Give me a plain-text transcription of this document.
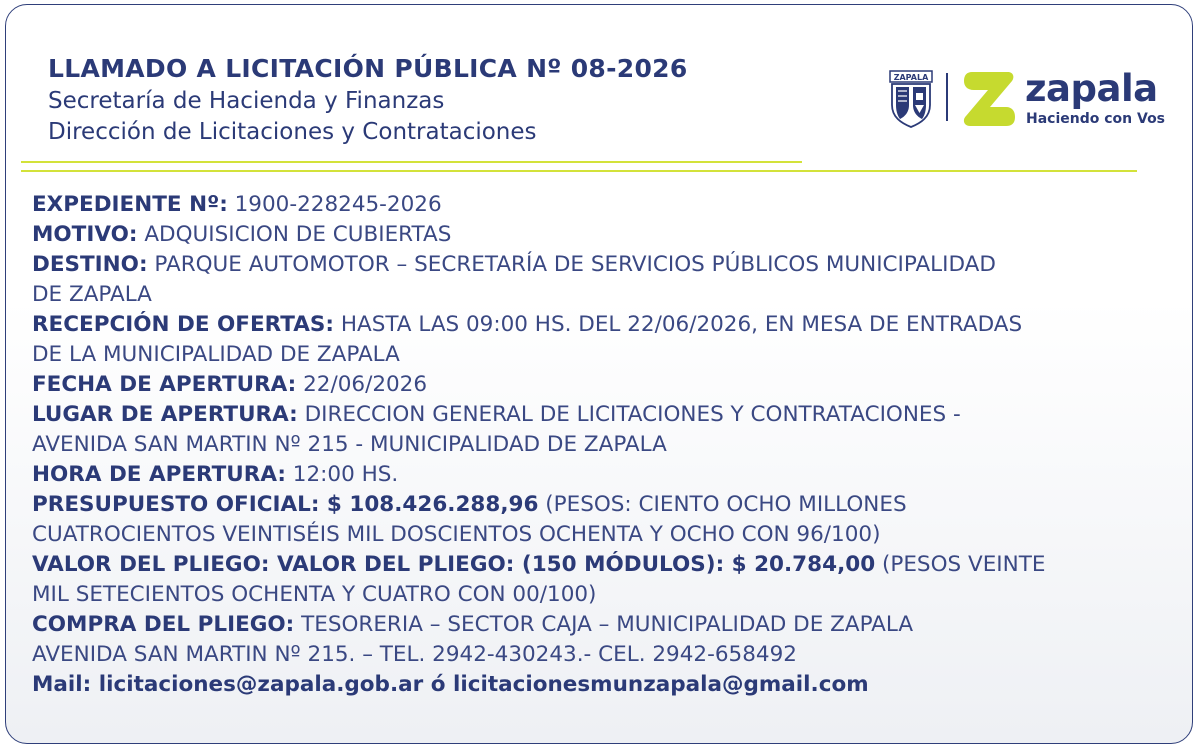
LLAMADO A LICITACIÓN PÚBLICA Nº 08-2026
Secretaría de Hacienda y Finanzas
Dirección de Licitaciones y Contrataciones
ZAPALA	zapala
Haciendo con Vos

EXPEDIENTE Nº: 1900-228245-2026

MOTIVO: ADQUISICION DE CUBIERTAS

DESTINO: PARQUE AUTOMOTOR – SECRETARÍA DE SERVICIOS PÚBLICOS MUNICIPALIDAD

DE ZAPALA

RECEPCIÓN DE OFERTAS: HASTA LAS 09:00 HS. DEL 22/06/2026, EN MESA DE ENTRADAS

DE LA MUNICIPALIDAD DE ZAPALA

FECHA DE APERTURA: 22/06/2026

LUGAR DE APERTURA: DIRECCION GENERAL DE LICITACIONES Y CONTRATACIONES -

AVENIDA SAN MARTIN Nº 215 - MUNICIPALIDAD DE ZAPALA

HORA DE APERTURA: 12:00 HS.

PRESUPUESTO OFICIAL: $ 108.426.288,96 (PESOS: CIENTO OCHO MILLONES

CUATROCIENTOS VEINTISÉIS MIL DOSCIENTOS OCHENTA Y OCHO CON 96/100)

VALOR DEL PLIEGO: VALOR DEL PLIEGO: (150 MÓDULOS): $ 20.784,00 (PESOS VEINTE

MIL SETECIENTOS OCHENTA Y CUATRO CON 00/100)

COMPRA DEL PLIEGO: TESORERIA – SECTOR CAJA – MUNICIPALIDAD DE ZAPALA

AVENIDA SAN MARTIN Nº 215. – TEL. 2942-430243.- CEL. 2942-658492

Mail: licitaciones@zapala.gob.ar ó licitacionesmunzapala@gmail.com
